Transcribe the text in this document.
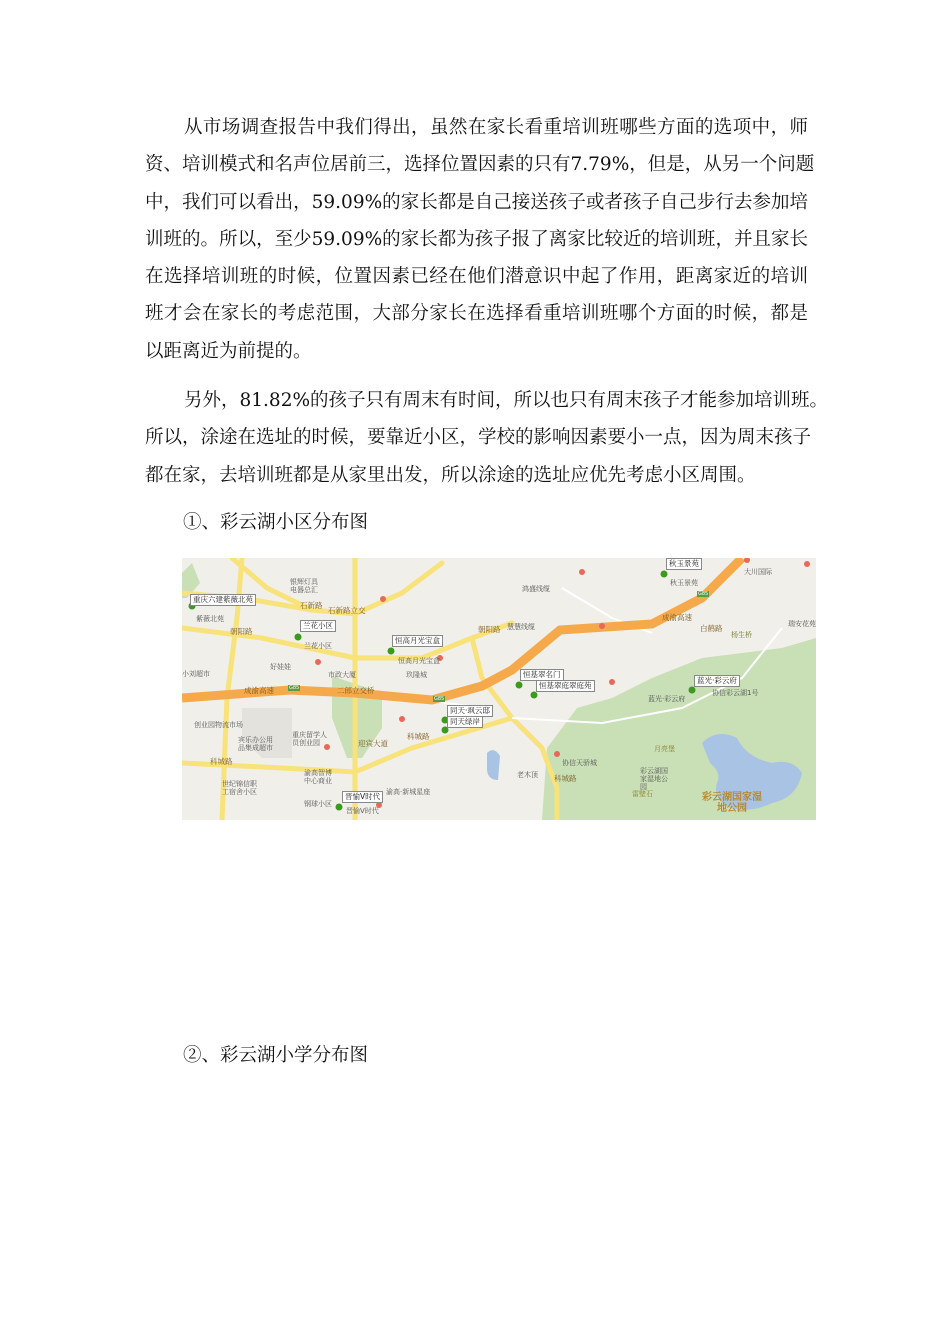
从市场调查报告中我们得出，虽然在家长看重培训班哪些方面的选项中，师
资、培训模式和名声位居前三，选择位置因素的只有7.79%，但是，从另一个问题
中，我们可以看出，59.09%的家长都是自己接送孩子或者孩子自己步行去参加培
训班的。所以，至少59.09%的家长都为孩子报了离家比较近的培训班，并且家长
在选择培训班的时候，位置因素已经在他们潜意识中起了作用，距离家近的培训
班才会在家长的考虑范围，大部分家长在选择看重培训班哪个方面的时候，都是
以距离近为前提的。
另外，81.82%的孩子只有周末有时间，所以也只有周末孩子才能参加培训班。
所以，涂途在选址的时候，要靠近小区，学校的影响因素要小一点，因为周末孩子
都在家，去培训班都是从家里出发，所以涂途的选址应优先考虑小区周围。
①、彩云湖小区分布图
重庆六建紫薇北苑
兰花小区
恒高月光宝盒
同天·飒云邸
同天绿岸
晋愉V时代
秋玉景苑
恒基翠名门
恒基翠庭翠庭苑
蓝光·彩云府
石新路
石新路立交
朝阳路	朝阳路
成渝高速
成渝高速
二郎立交桥
科城路
科城路
迎宾大道
科城路
白鹤路
G85
G85
G85
紫薇北苑
兰花小区
好娃娃
市政大厦
恒高月光宝盒
玖隆城
创业园物流市场
重庆留学人员创业园
宾乐办公用品集成超市
渝高智博中心商业
世纪锦信职工宿舍小区
钢球小区
渝高·新城星座
晋愉V时代
鸿盛线缆
慧慧线缆
秋玉景苑
大川国际
瑞安花苑
杨生桥
协信彩云湖1号
蓝光·彩云府
协信天骄城
老木顶
月亮堡
彩云湖国家湿地公园
雷壁石
银辉灯具电器总汇
小刘超市
彩云湖国家湿地公园
②、彩云湖小学分布图
